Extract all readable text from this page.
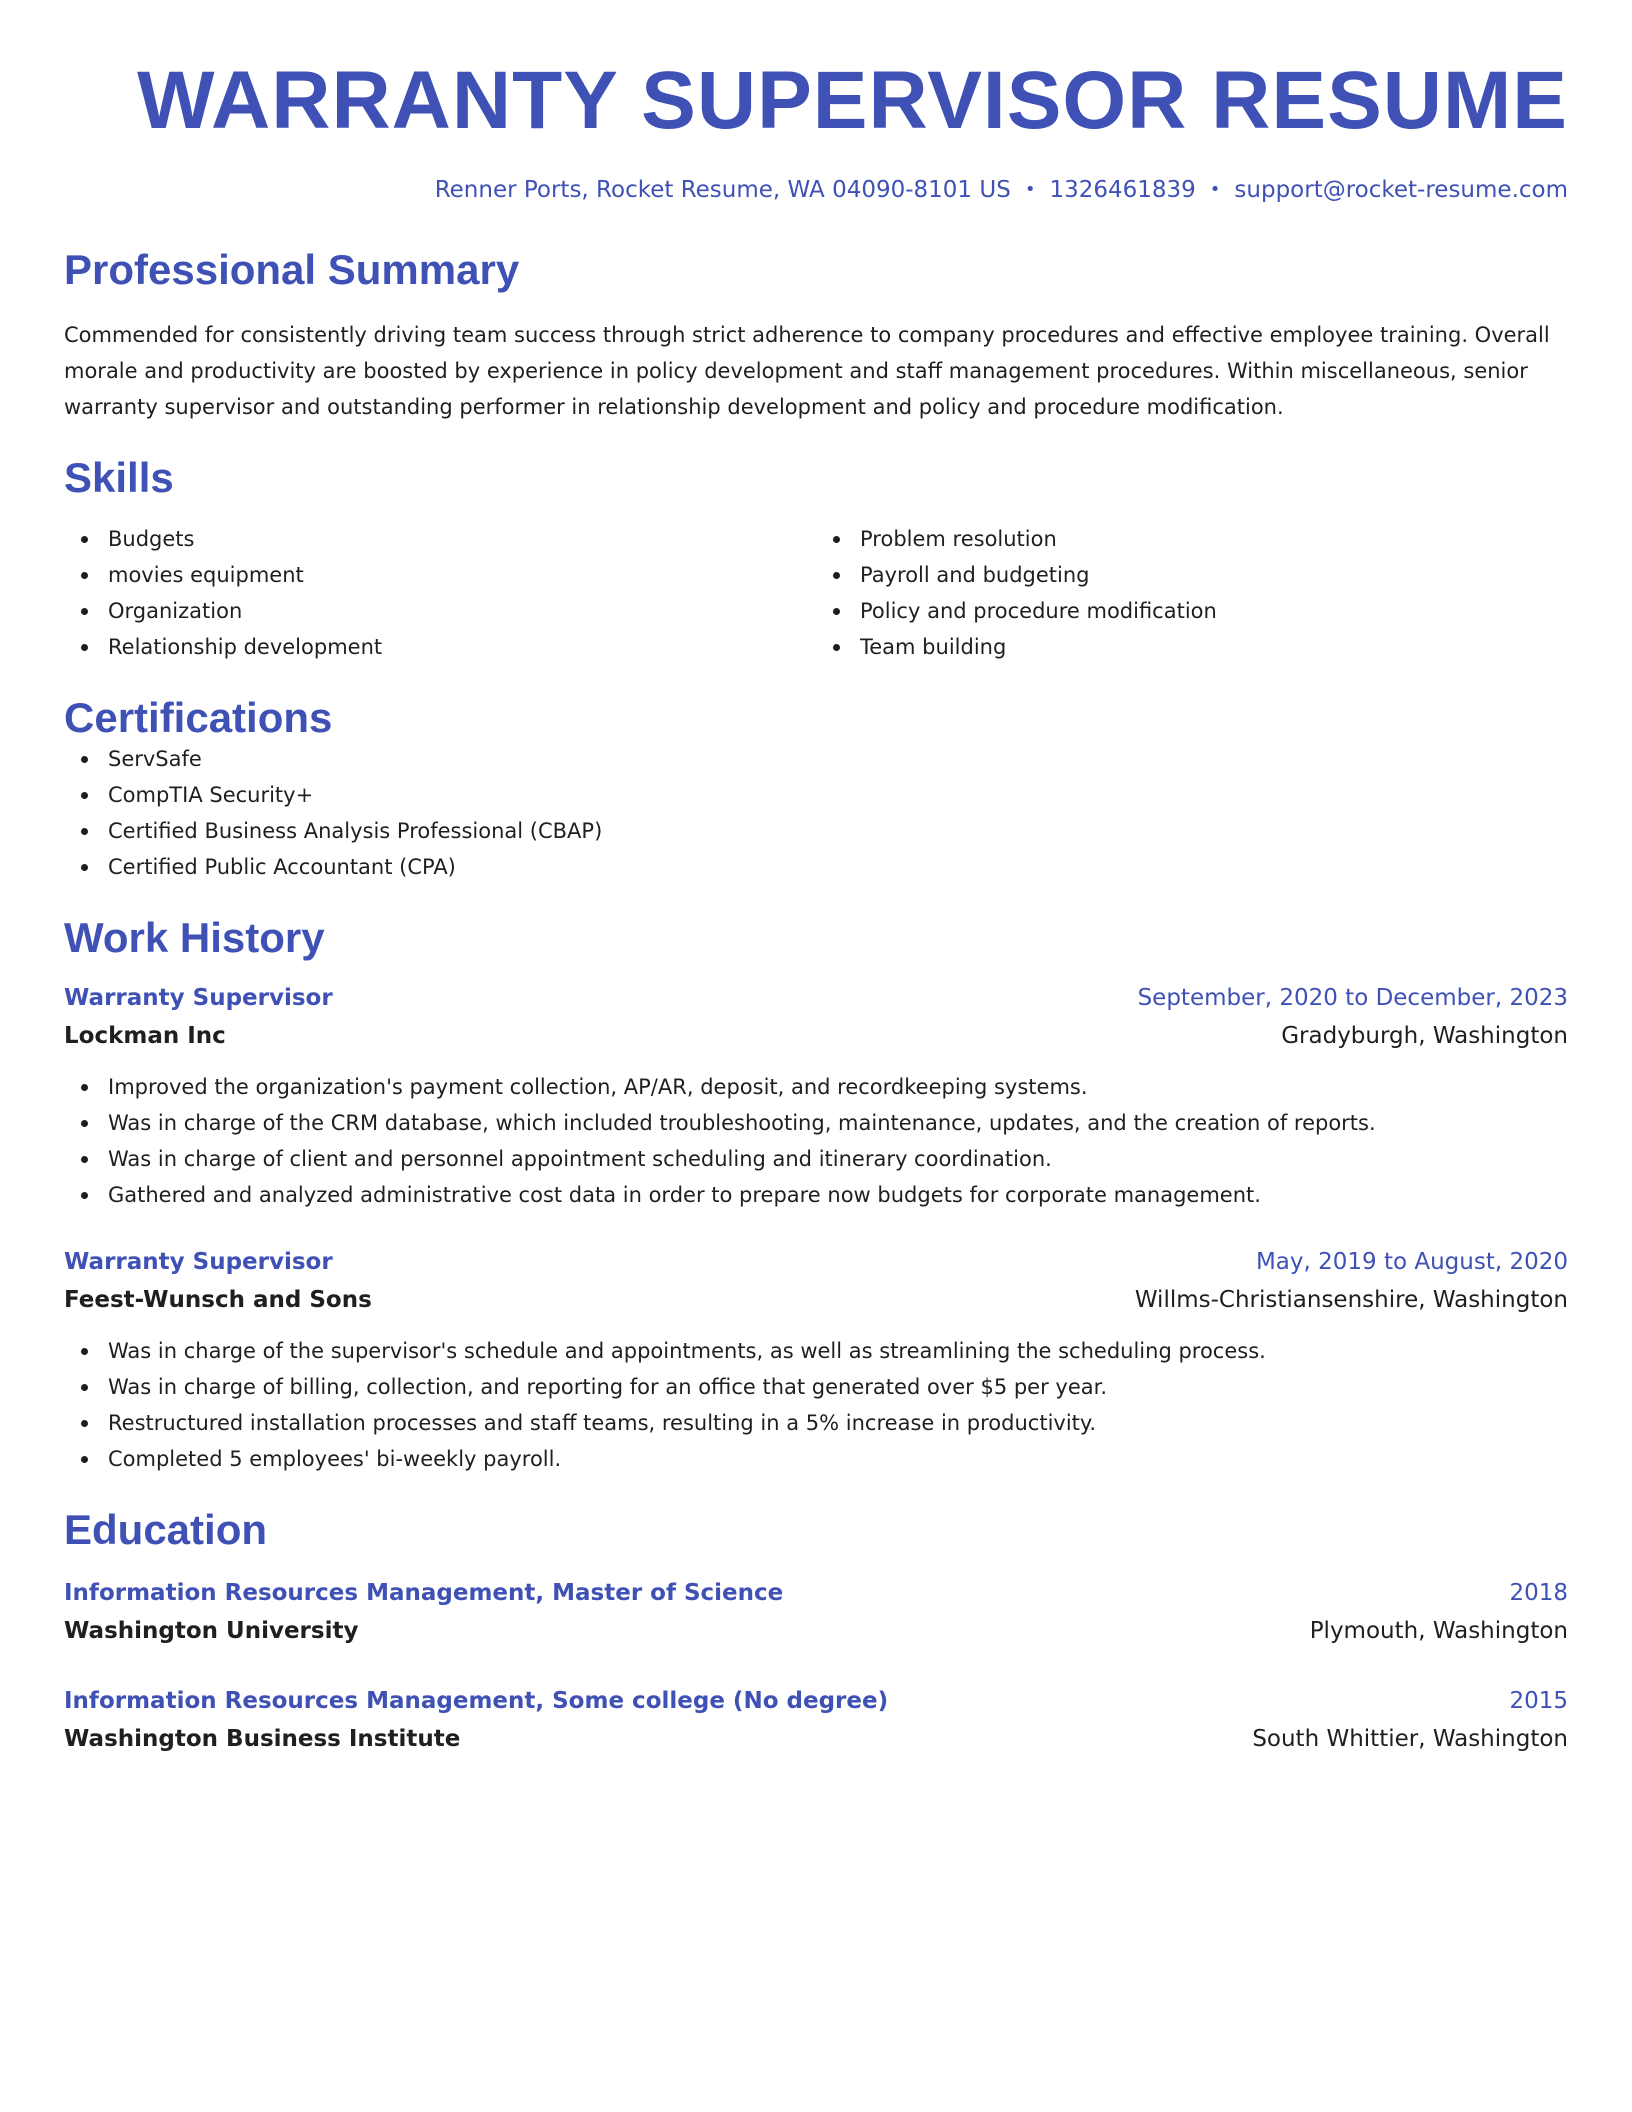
WARRANTY SUPERVISOR RESUME
Renner Ports, Rocket Resume, WA 04090-8101 US • 1326461839 • support@rocket-resume.com
Professional Summary
Commended for consistently driving team success through strict adherence to company procedures and effective employee training. Overall morale and productivity are boosted by experience in policy development and staff management procedures. Within miscellaneous, senior warranty supervisor and outstanding performer in relationship development and policy and procedure modification.
Skills
Budgets
movies equipment
Organization
Relationship development
Problem resolution
Payroll and budgeting
Policy and procedure modification
Team building
Certifications
ServSafe
CompTIA Security+
Certified Business Analysis Professional (CBAP)
Certified Public Accountant (CPA)
Work History
Warranty Supervisor	September, 2020 to December, 2023
Lockman Inc	Gradyburgh, Washington
Improved the organization's payment collection, AP/AR, deposit, and recordkeeping systems.
Was in charge of the CRM database, which included troubleshooting, maintenance, updates, and the creation of reports.
Was in charge of client and personnel appointment scheduling and itinerary coordination.
Gathered and analyzed administrative cost data in order to prepare now budgets for corporate management.
Warranty Supervisor	May, 2019 to August, 2020
Feest-Wunsch and Sons	Willms-Christiansenshire, Washington
Was in charge of the supervisor's schedule and appointments, as well as streamlining the scheduling process.
Was in charge of billing, collection, and reporting for an office that generated over $5 per year.
Restructured installation processes and staff teams, resulting in a 5% increase in productivity.
Completed 5 employees' bi-weekly payroll.
Education
Information Resources Management, Master of Science	2018
Washington University	Plymouth, Washington
Information Resources Management, Some college (No degree)	2015
Washington Business Institute	South Whittier, Washington
